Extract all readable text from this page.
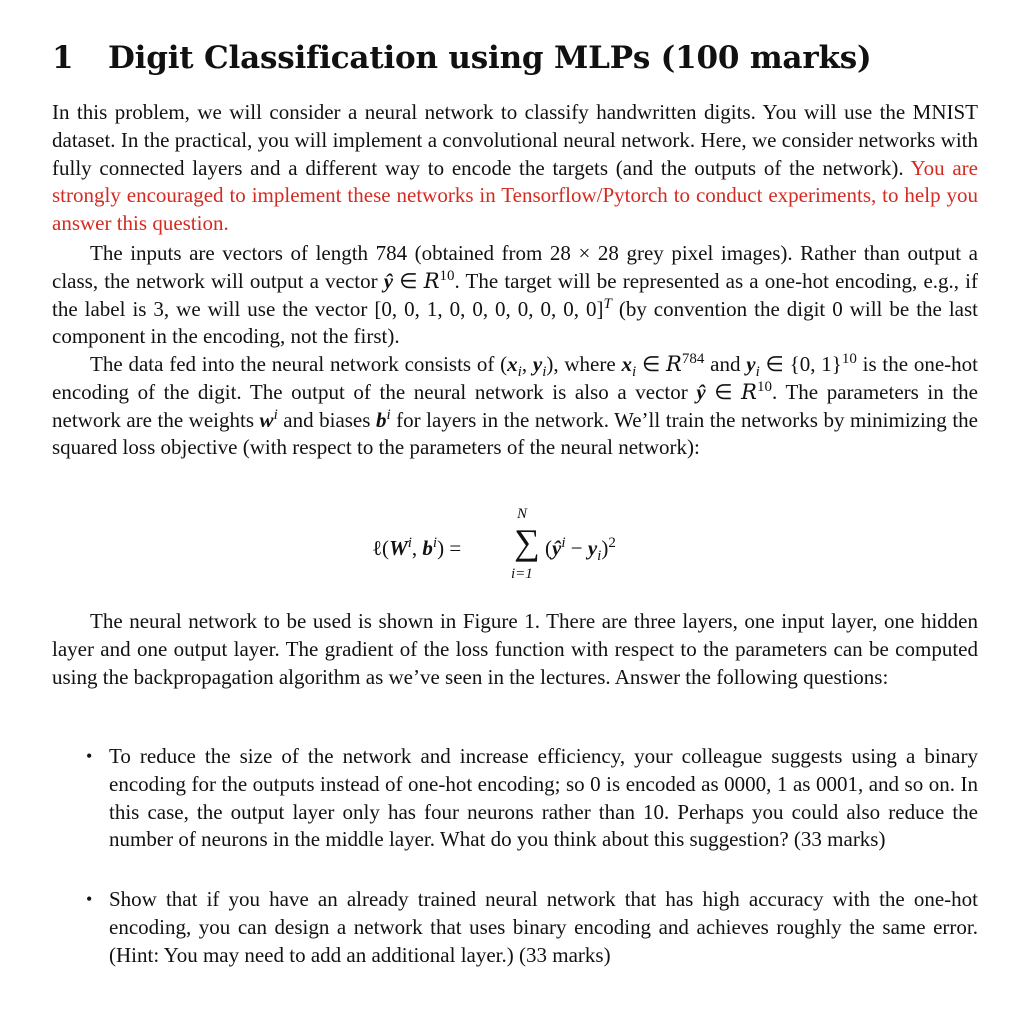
1 Digit Classification using MLPs (100 marks)

In this problem, we will consider a neural network to classify handwritten digits. You will use the MNIST dataset. In the practical, you will implement a convolutional neural network. Here, we consider networks with fully connected layers and a different way to encode the targets (and the outputs of the network). You are strongly encouraged to implement these networks in Tensorflow/Pytorch to conduct experiments, to help you answer this question.

The inputs are vectors of length 784 (obtained from 28 × 28 grey pixel images). Rather than output a class, the network will output a vector ŷ ∈ $R^{10}$. The target will be represented as a one-hot encoding, e.g., if the label is 3, we will use the vector [0, 0, 1, 0, 0, 0, 0, 0, 0, 0]$^T$ (by convention the digit 0 will be the last component in the encoding, not the first).

The data fed into the neural network consists of ($x_i$, $y_i$), where $x_i$ ∈ $R^{784}$ and $y_i$ ∈ {0, 1}$^{10}$ is the one-hot encoding of the digit. The output of the neural network is also a vector ŷ ∈ $R^{10}$. The parameters in the network are the weights $w^i$ and biases $b^i$ for layers in the network. We’ll train the networks by minimizing the squared loss objective (with respect to the parameters of the neural network):

$\ell(W^i$, $b^i$) =
N
∑
i=1
$(ŷ^i - y_i)^2$

The neural network to be used is shown in Figure 1. There are three layers, one input layer, one hidden layer and one output layer. The gradient of the loss function with respect to the parameters can be computed using the backpropagation algorithm as we’ve seen in the lectures. Answer the following questions:

• To reduce the size of the network and increase efficiency, your colleague suggests using a binary encoding for the outputs instead of one-hot encoding; so 0 is encoded as 0000, 1 as 0001, and so on. In this case, the output layer only has four neurons rather than 10. Perhaps you could also reduce the number of neurons in the middle layer. What do you think about this suggestion? (33 marks)
• Show that if you have an already trained neural network that has high accuracy with the one-hot encoding, you can design a network that uses binary encoding and achieves roughly the same error. (Hint: You may need to add an additional layer.) (33 marks)
